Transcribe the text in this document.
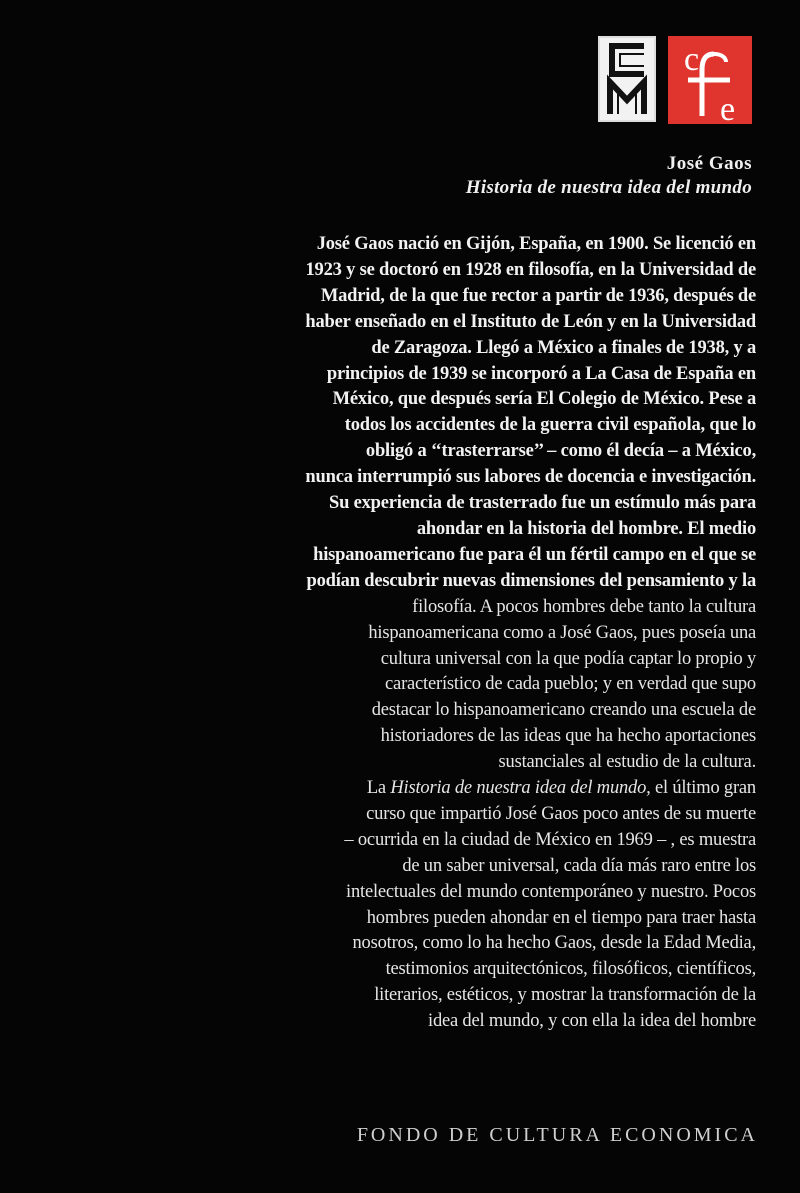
c
e
José Gaos
Historia de nuestra idea del mundo
José Gaos nació en Gijón, España, en 1900. Se licenció en
1923 y se doctoró en 1928 en filosofía, en la Universidad de
Madrid, de la que fue rector a partir de 1936, después de
haber enseñado en el Instituto de León y en la Universidad
de Zaragoza. Llegó a México a finales de 1938, y a
principios de 1939 se incorporó a La Casa de España en
México, que después sería El Colegio de México. Pese a
todos los accidentes de la guerra civil española, que lo
obligó a ‘‘trasterrarse’’ – como él decía – a México,
nunca interrumpió sus labores de docencia e investigación.
Su experiencia de trasterrado fue un estímulo más para
ahondar en la historia del hombre. El medio
hispanoamericano fue para él un fértil campo en el que se
podían descubrir nuevas dimensiones del pensamiento y la
filosofía. A pocos hombres debe tanto la cultura
hispanoamericana como a José Gaos, pues poseía una
cultura universal con la que podía captar lo propio y
característico de cada pueblo; y en verdad que supo
destacar lo hispanoamericano creando una escuela de
historiadores de las ideas que ha hecho aportaciones
sustanciales al estudio de la cultura.
La Historia de nuestra idea del mundo, el último gran
curso que impartió José Gaos poco antes de su muerte
– ocurrida en la ciudad de México en 1969 – , es muestra
de un saber universal, cada día más raro entre los
intelectuales del mundo contemporáneo y nuestro. Pocos
hombres pueden ahondar en el tiempo para traer hasta
nosotros, como lo ha hecho Gaos, desde la Edad Media,
testimonios arquitectónicos, filosóficos, científicos,
literarios, estéticos, y mostrar la transformación de la
idea del mundo, y con ella la idea del hombre
FONDO DE CULTURA ECONOMICA
